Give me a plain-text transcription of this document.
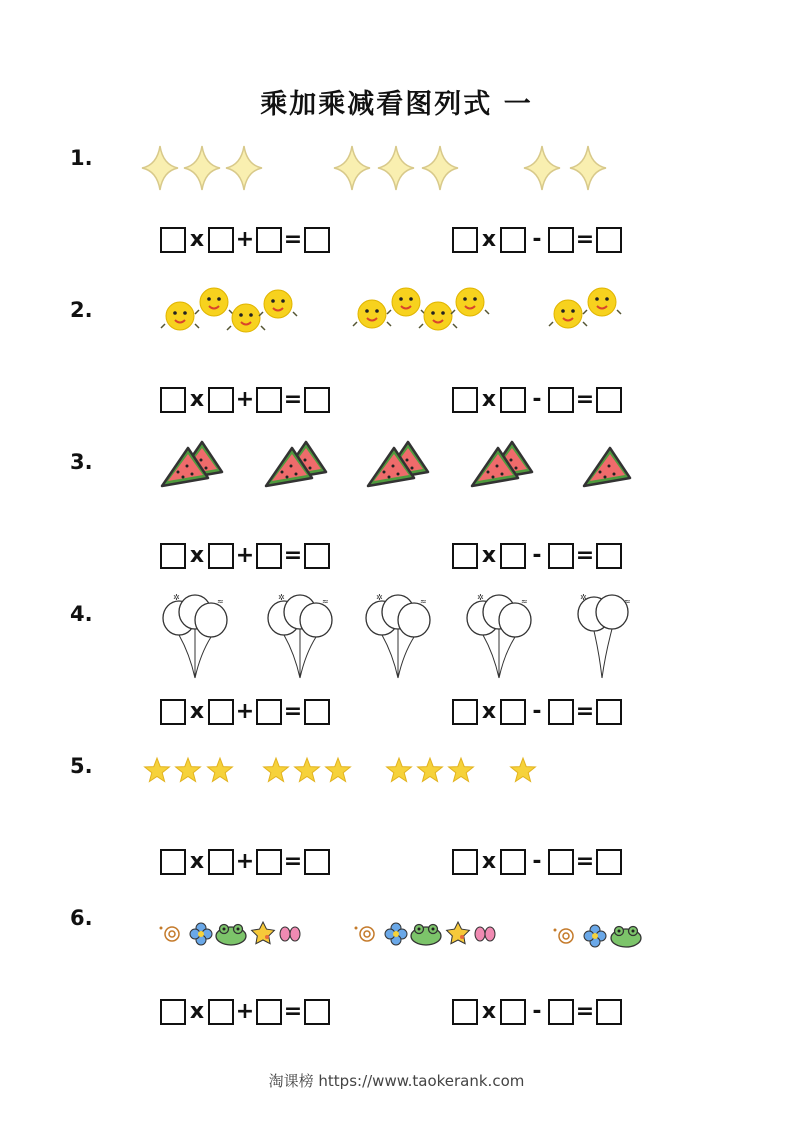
乘加乘减看图列式 一
1.
2.
3.
4.
5.
6.
✲	≈	✲	≈	✲	≈	✲	≈	✲	≈
x + =	x - =
x + =	x - =
x + =	x - =
x + =	x - =
x + =	x - =
x + =	x - =
淘课榜 https://www.taokerank.com
